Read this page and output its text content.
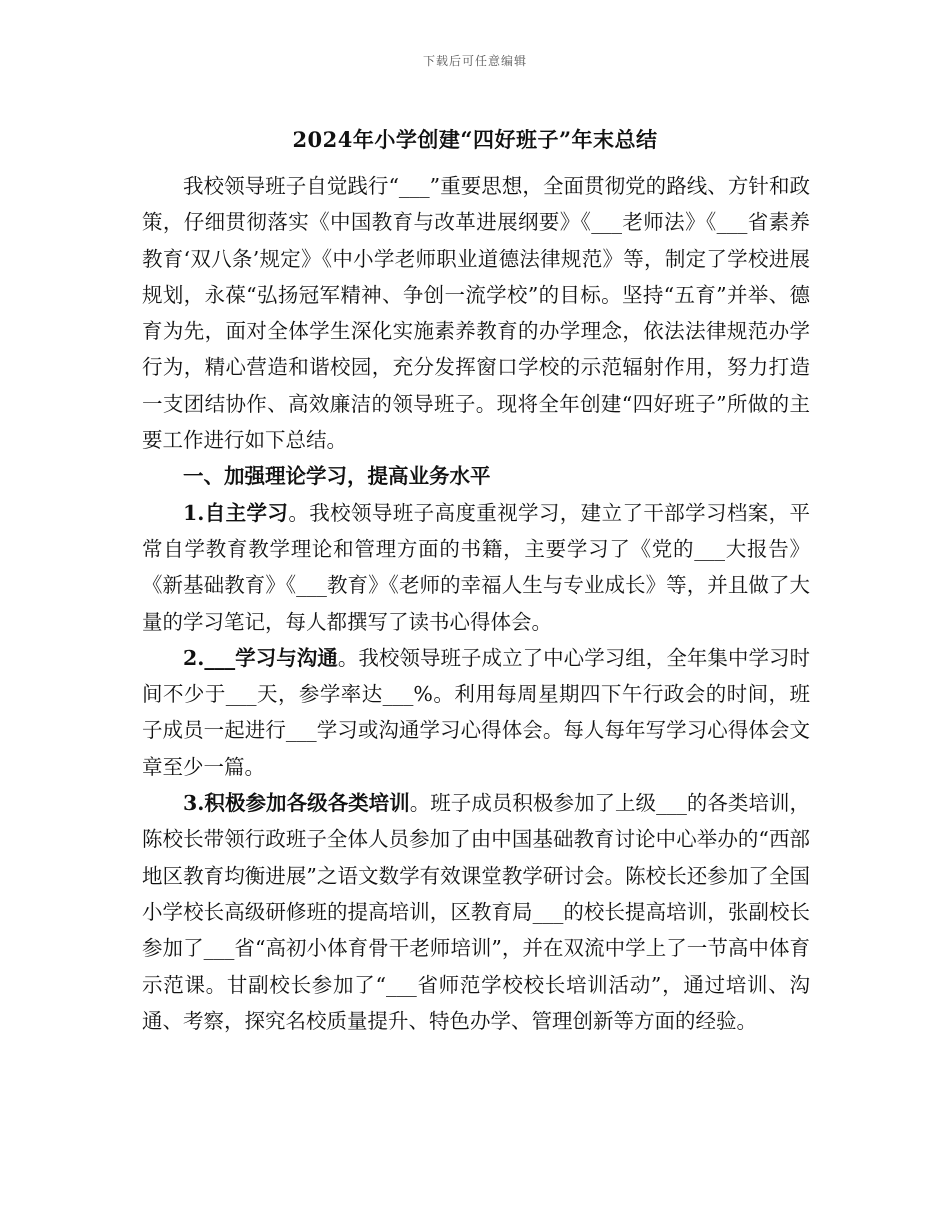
下载后可任意编辑
2024年小学创建“四好班子”年末总结

我校领导班子自觉践行“___”重要思想，全面贯彻党的路线、方针和政策，仔细贯彻落实《中国教育与改革进展纲要》《___老师法》《___省素养教育‘双八条’规定》《中小学老师职业道德法律规范》等，制定了学校进展规划，永葆“弘扬冠军精神、争创一流学校”的目标。坚持“五育”并举、德育为先，面对全体学生深化实施素养教育的办学理念，依法法律规范办学行为，精心营造和谐校园，充分发挥窗口学校的示范辐射作用，努力打造一支团结协作、高效廉洁的领导班子。现将全年创建“四好班子”所做的主要工作进行如下总结。

一、加强理论学习，提高业务水平

1.自主学习。我校领导班子高度重视学习，建立了干部学习档案，平常自学教育教学理论和管理方面的书籍，主要学习了《党的___大报告》《新基础教育》《___教育》《老师的幸福人生与专业成长》等，并且做了大量的学习笔记，每人都撰写了读书心得体会。

2.___学习与沟通。我校领导班子成立了中心学习组，全年集中学习时间不少于___天，参学率达___%。利用每周星期四下午行政会的时间，班子成员一起进行___学习或沟通学习心得体会。每人每年写学习心得体会文章至少一篇。

3.积极参加各级各类培训。班子成员积极参加了上级___的各类培训，陈校长带领行政班子全体人员参加了由中国基础教育讨论中心举办的“西部地区教育均衡进展”之语文数学有效课堂教学研讨会。陈校长还参加了全国小学校长高级研修班的提高培训，区教育局___的校长提高培训，张副校长参加了___省“高初小体育骨干老师培训”，并在双流中学上了一节高中体育示范课。甘副校长参加了“___省师范学校校长培训活动”，通过培训、沟通、考察，探究名校质量提升、特色办学、管理创新等方面的经验。
